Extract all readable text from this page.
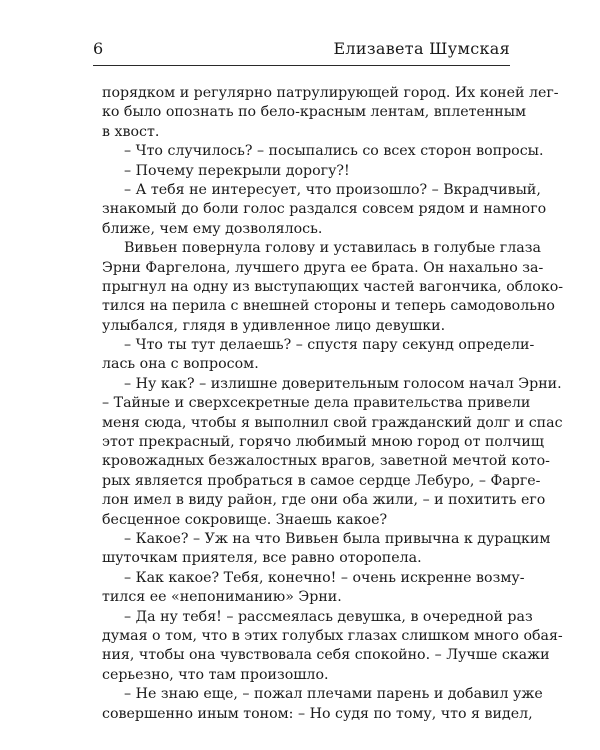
6	Елизавета Шумская
порядком и регулярно патрулирующей город. Их коней лег-
ко было опознать по бело-красным лентам, вплетенным
в хвост.
– Что случилось? – посыпались со всех сторон вопросы.
– Почему перекрыли дорогу?!
– А тебя не интересует, что произошло? – Вкрадчивый,
знакомый до боли голос раздался совсем рядом и намного
ближе, чем ему дозволялось.
Вивьен повернула голову и уставилась в голубые глаза
Эрни Фаргелона, лучшего друга ее брата. Он нахально за-
прыгнул на одну из выступающих частей вагончика, облоко-
тился на перила с внешней стороны и теперь самодовольно
улыбался, глядя в удивленное лицо девушки.
– Что ты тут делаешь? – спустя пару секунд определи-
лась она с вопросом.
– Ну как? – излишне доверительным голосом начал Эрни.
– Тайные и сверхсекретные дела правительства привели
меня сюда, чтобы я выполнил свой гражданский долг и спас
этот прекрасный, горячо любимый мною город от полчищ
кровожадных безжалостных врагов, заветной мечтой кото-
рых является пробраться в самое сердце Лебуро, – Фарге-
лон имел в виду район, где они оба жили, – и похитить его
бесценное сокровище. Знаешь какое?
– Какое? – Уж на что Вивьен была привычна к дурацким
шуточкам приятеля, все равно оторопела.
– Как какое? Тебя, конечно! – очень искренне возму-
тился ее «непониманию» Эрни.
– Да ну тебя! – рассмеялась девушка, в очередной раз
думая о том, что в этих голубых глазах слишком много обая-
ния, чтобы она чувствовала себя спокойно. – Лучше скажи
серьезно, что там произошло.
– Не знаю еще, – пожал плечами парень и добавил уже
совершенно иным тоном: – Но судя по тому, что я видел,
